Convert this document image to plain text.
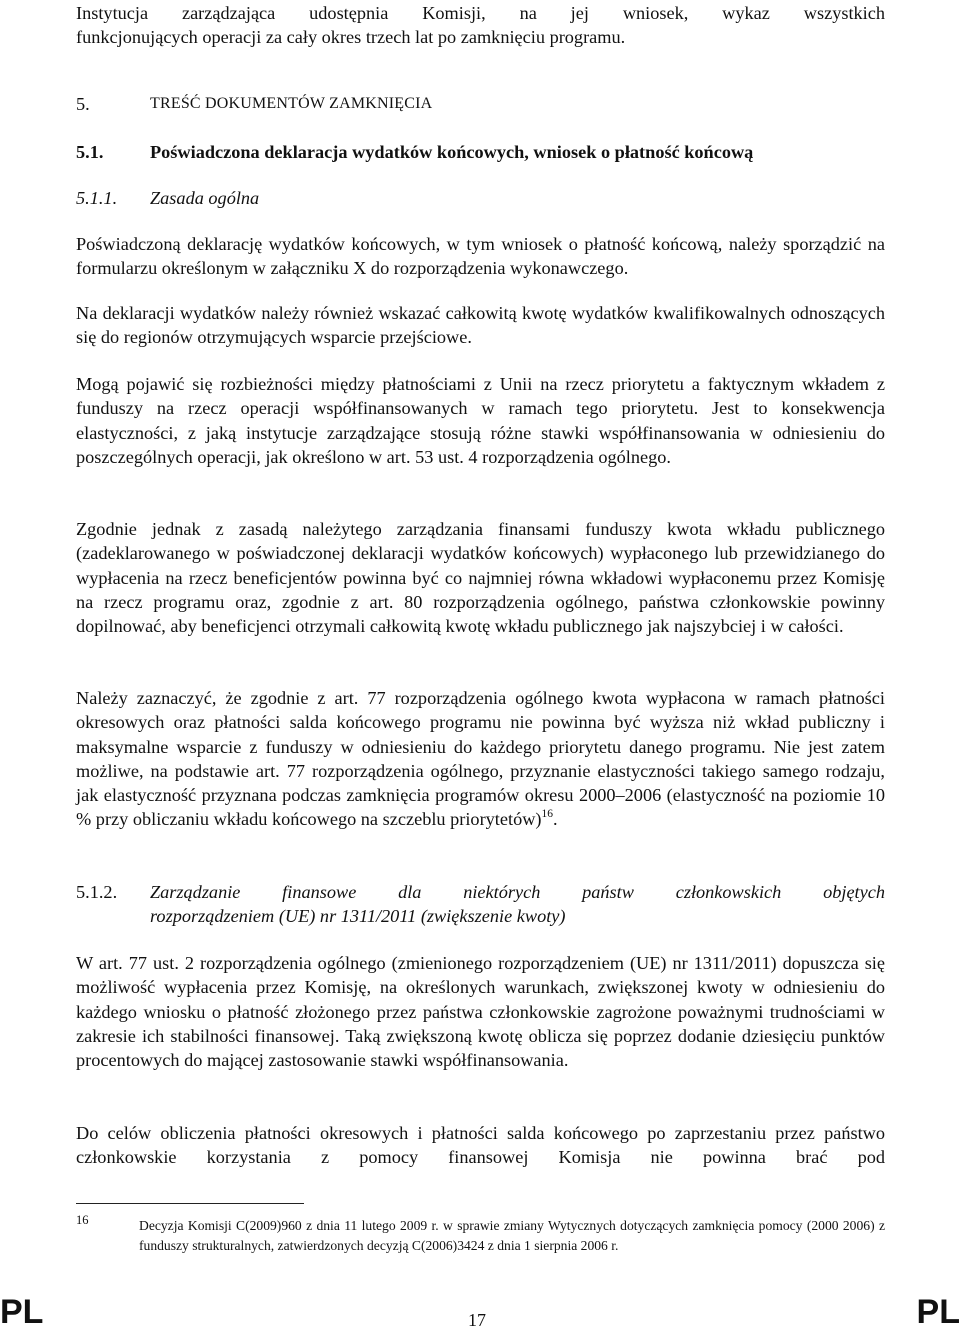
Instytucja zarządzająca udostępnia Komisji, na jej wniosek, wykaz wszystkich

funkcjonujących operacji za cały okres trzech lat po zamknięciu programu.

5.	TREŚĆ DOKUMENTÓW ZAMKNIĘCIA
5.1.	Poświadczona deklaracja wydatków końcowych, wniosek o płatność końcową
5.1.1. Zasada ogólna

Poświadczoną deklarację wydatków końcowych, w tym wniosek o płatność końcową, należy sporządzić na formularzu określonym w załączniku X do rozporządzenia wykonawczego.

Na deklaracji wydatków należy również wskazać całkowitą kwotę wydatków kwalifikowalnych odnoszących się do regionów otrzymujących wsparcie przejściowe.

Mogą pojawić się rozbieżności między płatnościami z Unii na rzecz priorytetu a faktycznym wkładem z funduszy na rzecz operacji współfinansowanych w ramach tego priorytetu. Jest to konsekwencja elastyczności, z jaką instytucje zarządzające stosują różne stawki współfinansowania w odniesieniu do poszczególnych operacji, jak określono w art. 53 ust. 4 rozporządzenia ogólnego.

Zgodnie jednak z zasadą należytego zarządzania finansami funduszy kwota wkładu publicznego (zadeklarowanego w poświadczonej deklaracji wydatków końcowych) wypłaconego lub przewidzianego do wypłacenia na rzecz beneficjentów powinna być co najmniej równa wkładowi wypłaconemu przez Komisję na rzecz programu oraz, zgodnie z art. 80 rozporządzenia ogólnego, państwa członkowskie powinny dopilnować, aby beneficjenci otrzymali całkowitą kwotę wkładu publicznego jak najszybciej i w całości.

Należy zaznaczyć, że zgodnie z art. 77 rozporządzenia ogólnego kwota wypłacona w ramach płatności okresowych oraz płatności salda końcowego programu nie powinna być wyższa niż wkład publiczny i maksymalne wsparcie z funduszy w odniesieniu do każdego priorytetu danego programu. Nie jest zatem możliwe, na podstawie art. 77 rozporządzenia ogólnego, przyznanie elastyczności takiego samego rodzaju, jak elastyczność przyznana podczas zamknięcia programów okresu 2000–2006 (elastyczność na poziomie 10 % przy obliczaniu wkładu końcowego na szczeblu priorytetów)$^{16}$.

5.1.2. Zarządzanie finansowe dla niektórych państw członkowskich objętych
rozporządzeniem (UE) nr 1311/2011 (zwiększenie kwoty)

W art. 77 ust. 2 rozporządzenia ogólnego (zmienionego rozporządzeniem (UE) nr 1311/2011) dopuszcza się możliwość wypłacenia przez Komisję, na określonych warunkach, zwiększonej kwoty w odniesieniu do każdego wniosku o płatność złożonego przez państwa członkowskie zagrożone poważnymi trudnościami w zakresie ich stabilności finansowej. Taką zwiększoną kwotę oblicza się poprzez dodanie dziesięciu punktów procentowych do mającej zastosowanie stawki współfinansowania.

Do celów obliczenia płatności okresowych i płatności salda końcowego po zaprzestaniu przez państwo członkowskie korzystania z pomocy finansowej Komisja nie powinna brać pod

16	Decyzja Komisji C(2009)960 z dnia 11 lutego 2009 r. w sprawie zmiany Wytycznych dotyczących zamknięcia pomocy (2000 2006) z funduszy strukturalnych, zatwierdzonych decyzją C(2006)3424 z dnia 1 sierpnia 2006 r.
PL	17	PL
